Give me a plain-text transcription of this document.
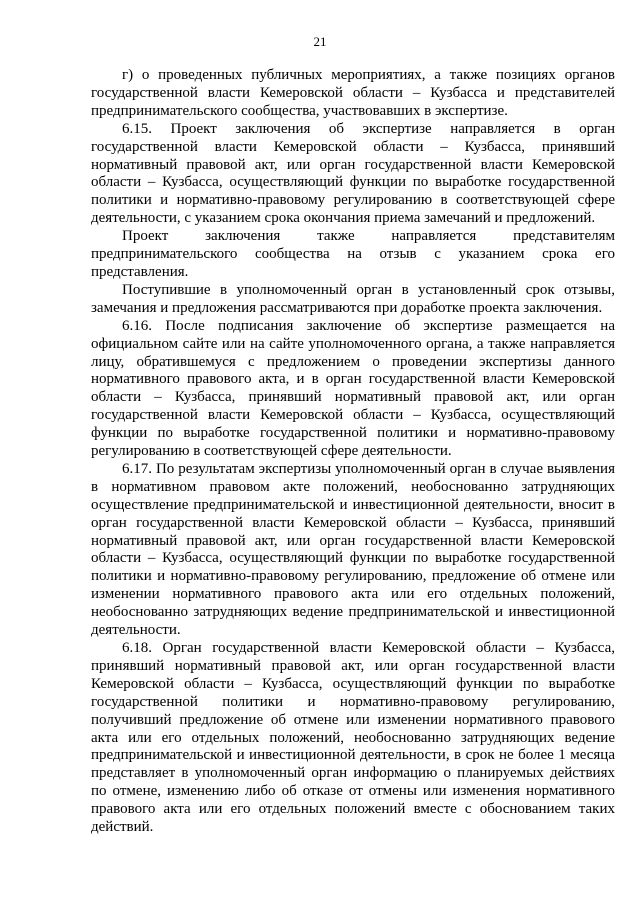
21

г) о проведенных публичных мероприятиях, а также позициях органов государственной власти Кемеровской области – Кузбасса и представителей предпринимательского сообщества, участвовавших в экспертизе.

6.15. Проект заключения об экспертизе направляется в орган государственной власти Кемеровской области – Кузбасса, принявший нормативный правовой акт, или орган государственной власти Кемеровской области – Кузбасса, осуществляющий функции по выработке государственной политики и нормативно-правовому регулированию в соответствующей сфере деятельности, с указанием срока окончания приема замечаний и предложений.

Проект заключения также направляется представителям предпринимательского сообщества на отзыв с указанием срока его представления.

Поступившие в уполномоченный орган в установленный срок отзывы, замечания и предложения рассматриваются при доработке проекта заключения.

6.16. После подписания заключение об экспертизе размещается на официальном сайте или на сайте уполномоченного органа, а также направляется лицу, обратившемуся с предложением о проведении экспертизы данного нормативного правового акта, и в орган государственной власти Кемеровской области – Кузбасса, принявший нормативный правовой акт, или орган государственной власти Кемеровской области – Кузбасса, осуществляющий функции по выработке государственной политики и нормативно-правовому регулированию в соответствующей сфере деятельности.

6.17. По результатам экспертизы уполномоченный орган в случае выявления в нормативном правовом акте положений, необоснованно затрудняющих осуществление предпринимательской и инвестиционной деятельности, вносит в орган государственной власти Кемеровской области – Кузбасса, принявший нормативный правовой акт, или орган государственной власти Кемеровской области – Кузбасса, осуществляющий функции по выработке государственной политики и нормативно-правовому регулированию, предложение об отмене или изменении нормативного правового акта или его отдельных положений, необоснованно затрудняющих ведение предпринимательской и инвестиционной деятельности.

6.18. Орган государственной власти Кемеровской области – Кузбасса, принявший нормативный правовой акт, или орган государственной власти Кемеровской области – Кузбасса, осуществляющий функции по выработке государственной политики и нормативно-правовому регулированию, получивший предложение об отмене или изменении нормативного правового акта или его отдельных положений, необоснованно затрудняющих ведение предпринимательской и инвестиционной деятельности, в срок не более 1 месяца представляет в уполномоченный орган информацию о планируемых действиях по отмене, изменению либо об отказе от отмены или изменения нормативного правового акта или его отдельных положений вместе с обоснованием таких действий.
